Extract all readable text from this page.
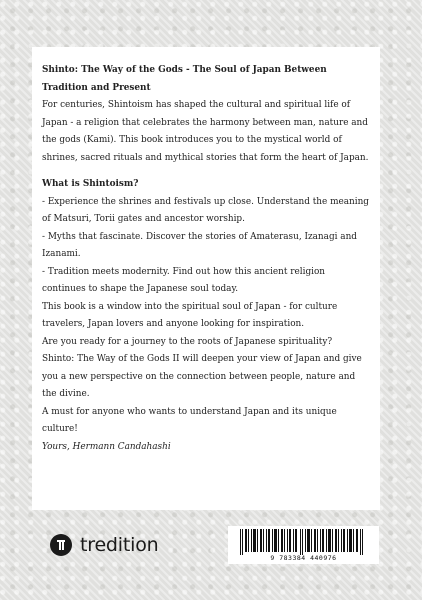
Shinto: The Way of the Gods - The Soul of Japan Between Tradition and Present

For centuries, Shintoism has shaped the cultural and spiritual life of Japan - a religion that celebrates the harmony between man, nature and the gods (Kami). This book introduces you to the mystical world of shrines, sacred rituals and mythical stories that form the heart of Japan.

What is Shintoism?

- Experience the shrines and festivals up close. Understand the meaning of Matsuri, Torii gates and ancestor worship.

- Myths that fascinate. Discover the stories of Amaterasu, Izanagi and Izanami.

- Tradition meets modernity. Find out how this ancient religion continues to shape the Japanese soul today.

This book is a window into the spiritual soul of Japan - for culture travelers, Japan lovers and anyone looking for inspiration.

Are you ready for a journey to the roots of Japanese spirituality?

Shinto: The Way of the Gods II will deepen your view of Japan and give you a new perspective on the connection between people, nature and the divine.

A must for anyone who wants to understand Japan and its unique culture!

Yours, Hermann Candahashi

tredition
9 783384 440976
